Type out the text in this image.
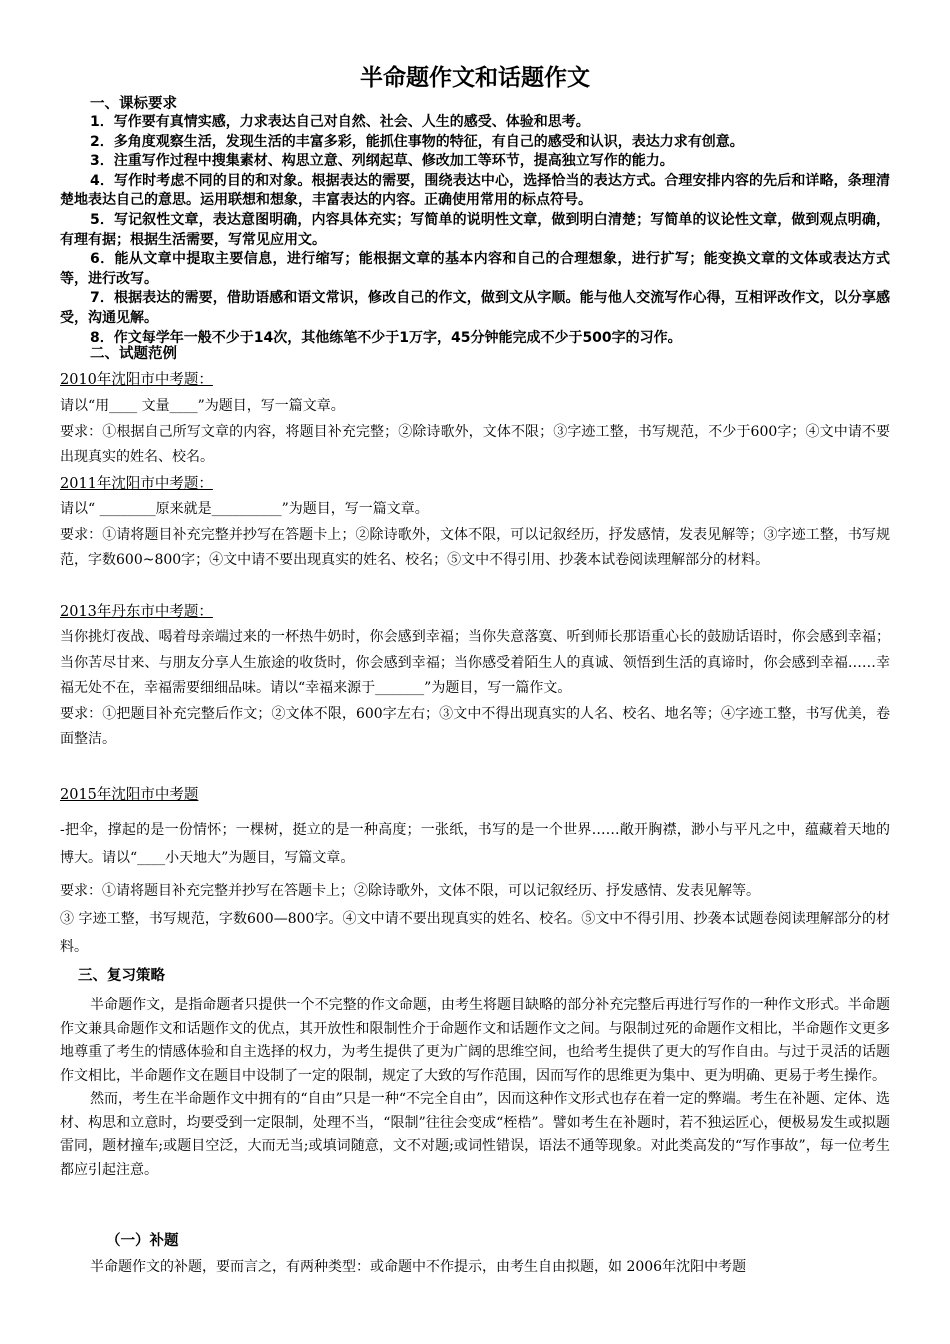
半命题作文和话题作文
一、课标要求

1．写作要有真情实感，力求表达自己对自然、社会、人生的感受、体验和思考。

2．多角度观察生活，发现生活的丰富多彩，能抓住事物的特征，有自己的感受和认识，表达力求有创意。

3．注重写作过程中搜集素材、构思立意、列纲起草、修改加工等环节，提高独立写作的能力。

4．写作时考虑不同的目的和对象。根据表达的需要，围绕表达中心，选择恰当的表达方式。合理安排内容的先后和详略，条理清楚地表达自己的意思。运用联想和想象，丰富表达的内容。正确使用常用的标点符号。

5．写记叙性文章，表达意图明确，内容具体充实；写简单的说明性文章，做到明白清楚；写简单的议论性文章，做到观点明确，有理有据；根据生活需要，写常见应用文。

6．能从文章中提取主要信息，进行缩写；能根据文章的基本内容和自己的合理想象，进行扩写；能变换文章的文体或表达方式等，进行改写。

7．根据表达的需要，借助语感和语文常识，修改自己的作文，做到文从字顺。能与他人交流写作心得，互相评改作文，以分享感受，沟通见解。

8．作文每学年一般不少于14次，其他练笔不少于1万字，45分钟能完成不少于500字的习作。

二、试题范例
2010年沈阳市中考题：

请以“用____ 文量____”为题目，写一篇文章。

要求：①根据自己所写文章的内容，将题目补充完整；②除诗歌外，文体不限；③字迹工整，书写规范，不少于600字；④文中请不要出现真实的姓名、校名。

2011年沈阳市中考题：

请以“ ________原来就是__________”为题目，写一篇文章。

要求：①请将题目补充完整并抄写在答题卡上；②除诗歌外，文体不限，可以记叙经历，抒发感情，发表见解等；③字迹工整，书写规范，字数600~800字；④文中请不要出现真实的姓名、校名；⑤文中不得引用、抄袭本试卷阅读理解部分的材料。

2013年丹东市中考题：

当你挑灯夜战、喝着母亲端过来的一杯热牛奶时，你会感到幸福；当你失意落寞、听到师长那语重心长的鼓励话语时，你会感到幸福；当你苦尽甘来、与朋友分享人生旅途的收货时，你会感到幸福；当你感受着陌生人的真诚、领悟到生活的真谛时，你会感到幸福……幸福无处不在，幸福需要细细品味。请以“幸福来源于_______”为题目，写一篇作文。

要求：①把题目补充完整后作文；②文体不限，600字左右；③文中不得出现真实的人名、校名、地名等；④字迹工整，书写优美，卷面整洁。

2015年沈阳市中考题

-把伞，撑起的是一份情怀；一棵树，挺立的是一种高度；一张纸，书写的是一个世界……敞开胸襟，渺小与平凡之中，蕴藏着天地的博大。请以“____小天地大”为题目，写篇文章。

要求：①请将题目补充完整并抄写在答题卡上；②除诗歌外，文体不限，可以记叙经历、抒发感情、发表见解等。

③ 字迹工整，书写规范，字数600—800字。④文中请不要出现真实的姓名、校名。⑤文中不得引用、抄袭本试题卷阅读理解部分的材料。

三、复习策略

半命题作文，是指命题者只提供一个不完整的作文命题，由考生将题目缺略的部分补充完整后再进行写作的一种作文形式。半命题作文兼具命题作文和话题作文的优点，其开放性和限制性介于命题作文和话题作文之间。与限制过死的命题作文相比，半命题作文更多地尊重了考生的情感体验和自主选择的权力，为考生提供了更为广阔的思维空间，也给考生提供了更大的写作自由。与过于灵活的话题作文相比，半命题作文在题目中设制了一定的限制，规定了大致的写作范围，因而写作的思维更为集中、更为明确、更易于考生操作。

然而，考生在半命题作文中拥有的“自由”只是一种“不完全自由”，因而这种作文形式也存在着一定的弊端。考生在补题、定体、选材、构思和立意时，均要受到一定限制，处理不当，“限制”往往会变成“桎梏”。譬如考生在补题时，若不独运匠心，便极易发生或拟题雷同，题材撞车;或题目空泛，大而无当;或填词随意，文不对题;或词性错误，语法不通等现象。对此类高发的“写作事故”，每一位考生都应引起注意。

（一）补题

半命题作文的补题，要而言之，有两种类型：或命题中不作提示，由考生自由拟题，如 2006年沈阳中考题
